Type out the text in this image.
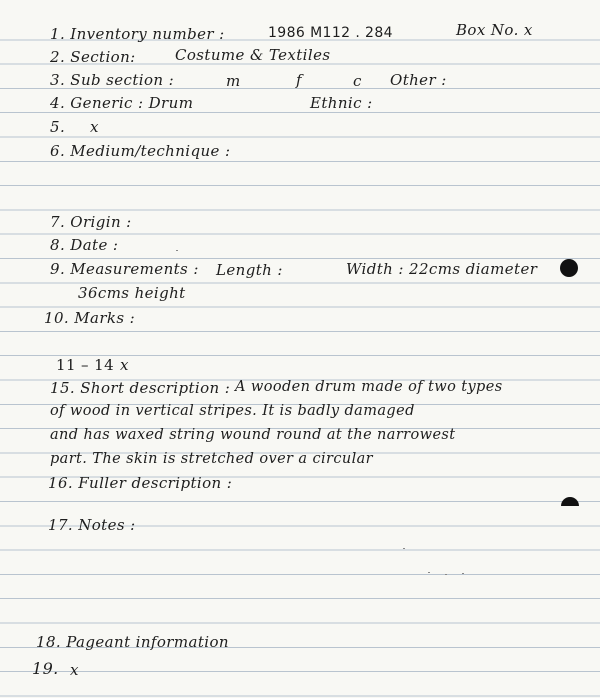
1. Inventory number :	1986 M112 . 284	Box No. x
2. Section:	Costume & Textiles
3. Sub section :	m	f	c Other :
4. Generic : Drum	Ethnic :
5. x
6. Medium/technique :
7. Origin :
8. Date :
9. Measurements : Length :	Width : 22cms diameter
36cms height
10. Marks :
11 – 14 x
15. Short description : A wooden drum made of two types
of wood in vertical stripes. It is badly damaged
and has waxed string wound round at the narrowest
part. The skin is stretched over a circular
16. Fuller description :
17. Notes :
18. Pageant information
19. x
